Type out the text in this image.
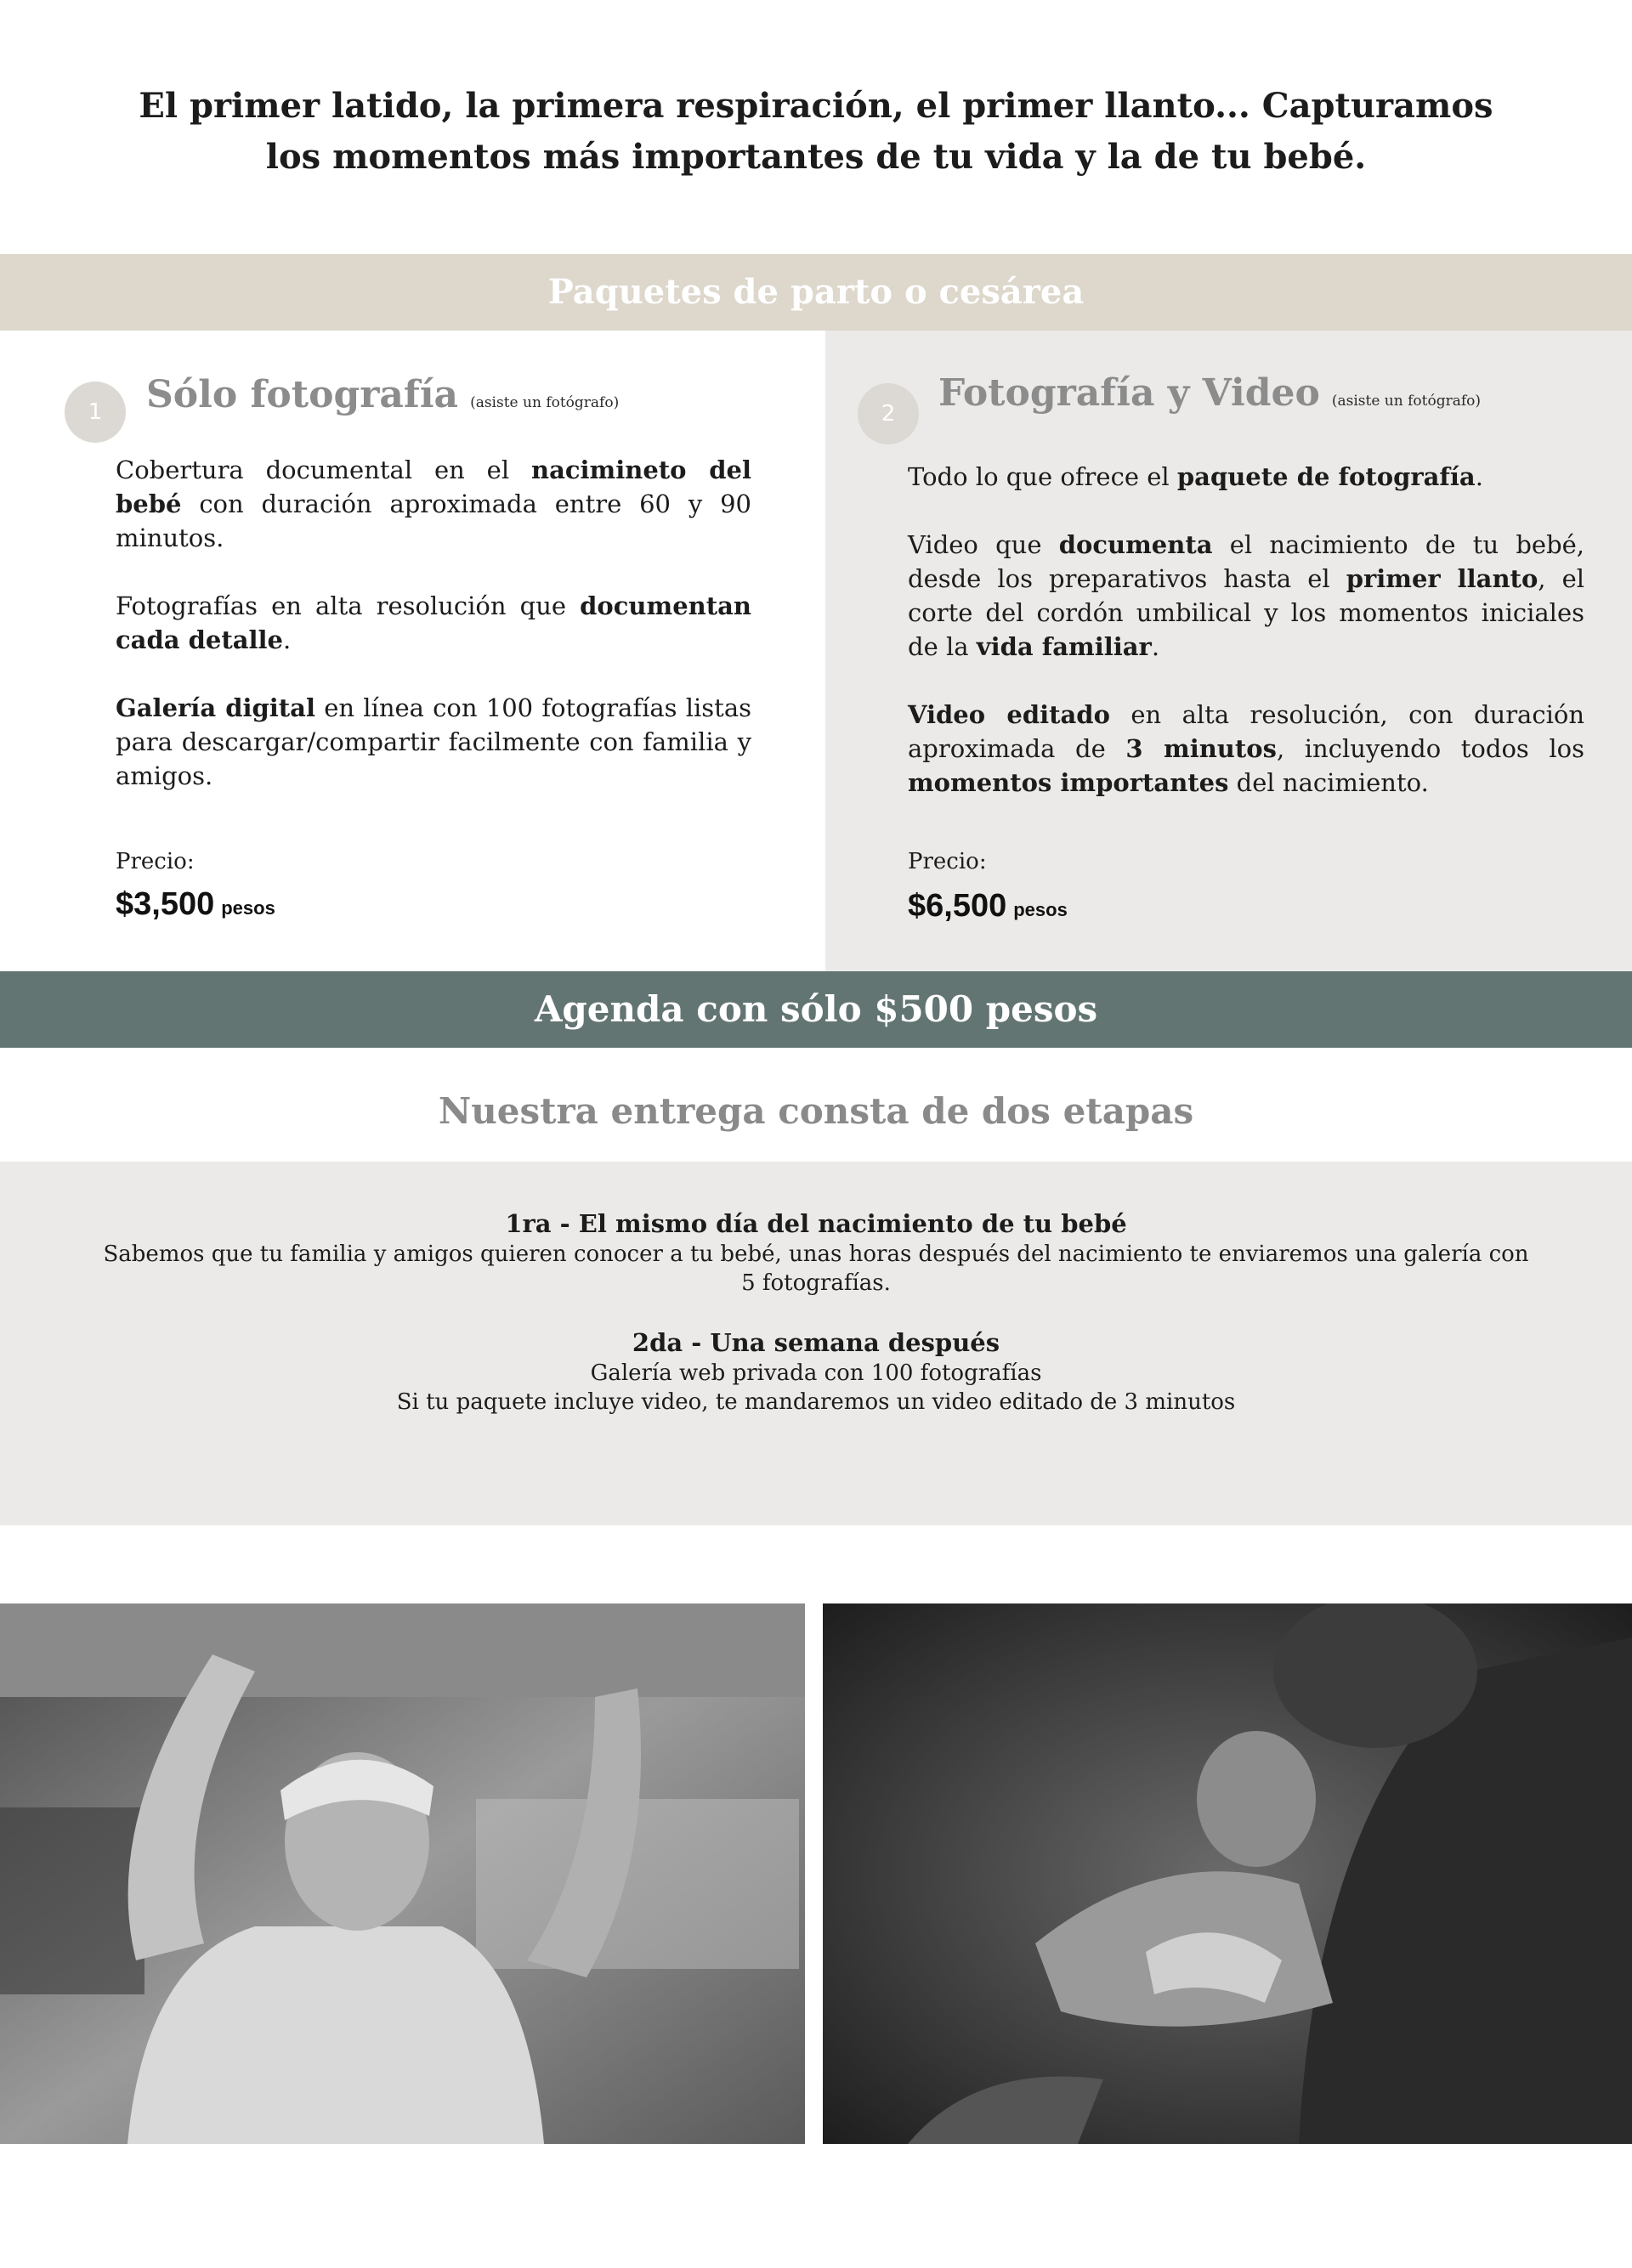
El primer latido, la primera respiración, el primer llanto... Capturamos
los momentos más importantes de tu vida y la de tu bebé.
Paquetes de parto o cesárea
1	Sólo fotografía (asiste un fotógrafo)

Cobertura documental en el nacimineto del bebé con duración aproximada entre 60 y 90 minutos.

Fotografías en alta resolución que documentan cada detalle.

Galería digital en línea con 100 fotografías listas para descargar/compartir facilmente con familia y amigos.

Precio:
$3,500 pesos
2	Fotografía y Video (asiste un fotógrafo)

Todo lo que ofrece el paquete de fotografía.

Video que documenta el nacimiento de tu bebé, desde los preparativos hasta el primer llanto, el corte del cordón umbilical y los momentos iniciales de la vida familiar.

Video editado en alta resolución, con duración aproximada de 3 minutos, incluyendo todos los momentos importantes del nacimiento.

Precio:
$6,500 pesos
Agenda con sólo $500 pesos
Nuestra entrega consta de dos etapas
1ra - El mismo día del nacimiento de tu bebé
Sabemos que tu familia y amigos quieren conocer a tu bebé, unas horas después del nacimiento te enviaremos una galería con
5 fotografías.
2da - Una semana después
Galería web privada con 100 fotografías
Si tu paquete incluye video, te mandaremos un video editado de 3 minutos
